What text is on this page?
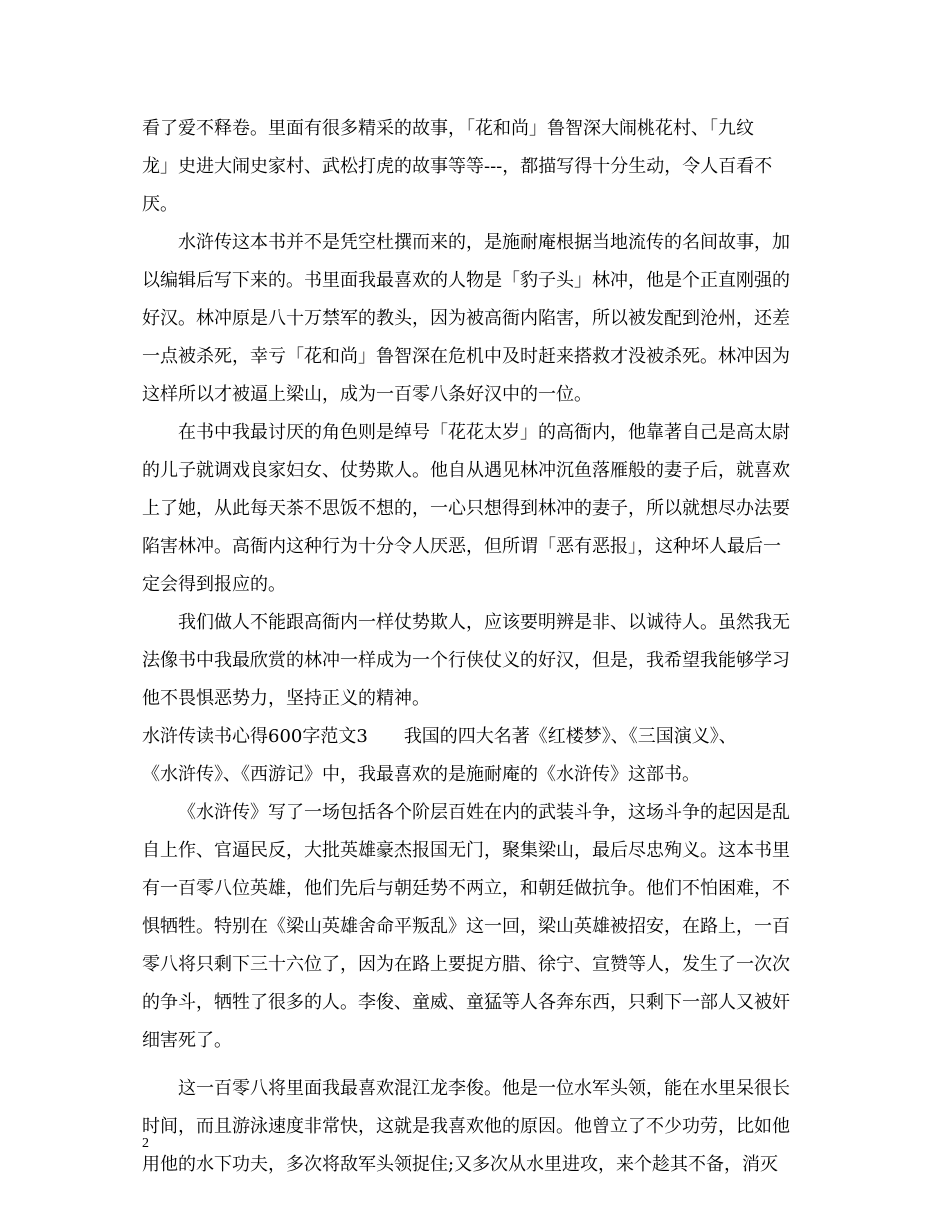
看了爱不释卷。里面有很多精采的故事，「花和尚」鲁智深大闹桃花村、「九纹
龙」史进大闹史家村、武松打虎的故事等等---，都描写得十分生动，令人百看不
厌。
水浒传这本书并不是凭空杜撰而来的，是施耐庵根据当地流传的名间故事，加
以编辑后写下来的。书里面我最喜欢的人物是「豹子头」林冲，他是个正直刚强的
好汉。林冲原是八十万禁军的教头，因为被高衙内陷害，所以被发配到沧州，还差
一点被杀死，幸亏「花和尚」鲁智深在危机中及时赶来搭救才没被杀死。林冲因为
这样所以才被逼上梁山，成为一百零八条好汉中的一位。
在书中我最讨厌的角色则是绰号「花花太岁」的高衙内，他靠著自己是高太尉
的儿子就调戏良家妇女、仗势欺人。他自从遇见林冲沉鱼落雁般的妻子后，就喜欢
上了她，从此每天茶不思饭不想的，一心只想得到林冲的妻子，所以就想尽办法要
陷害林冲。高衙内这种行为十分令人厌恶，但所谓「恶有恶报」，这种坏人最后一
定会得到报应的。
我们做人不能跟高衙内一样仗势欺人，应该要明辨是非、以诚待人。虽然我无
法像书中我最欣赏的林冲一样成为一个行侠仗义的好汉，但是，我希望我能够学习
他不畏惧恶势力，坚持正义的精神。
水浒传读书心得600字范文3 我国的四大名著《红楼梦》、《三国演义》、
《水浒传》、《西游记》中，我最喜欢的是施耐庵的《水浒传》这部书。
《水浒传》写了一场包括各个阶层百姓在内的武装斗争，这场斗争的起因是乱
自上作、官逼民反，大批英雄豪杰报国无门，聚集梁山，最后尽忠殉义。这本书里
有一百零八位英雄，他们先后与朝廷势不两立，和朝廷做抗争。他们不怕困难，不
惧牺牲。特别在《梁山英雄舍命平叛乱》这一回，梁山英雄被招安，在路上，一百
零八将只剩下三十六位了，因为在路上要捉方腊、徐宁、宣赞等人，发生了一次次
的争斗，牺牲了很多的人。李俊、童威、童猛等人各奔东西，只剩下一部人又被奸
细害死了。
这一百零八将里面我最喜欢混江龙李俊。他是一位水军头领，能在水里呆很长
时间，而且游泳速度非常快，这就是我喜欢他的原因。他曾立了不少功劳，比如他
用他的水下功夫，多次将敌军头领捉住;又多次从水里进攻，来个趁其不备，消灭
2
